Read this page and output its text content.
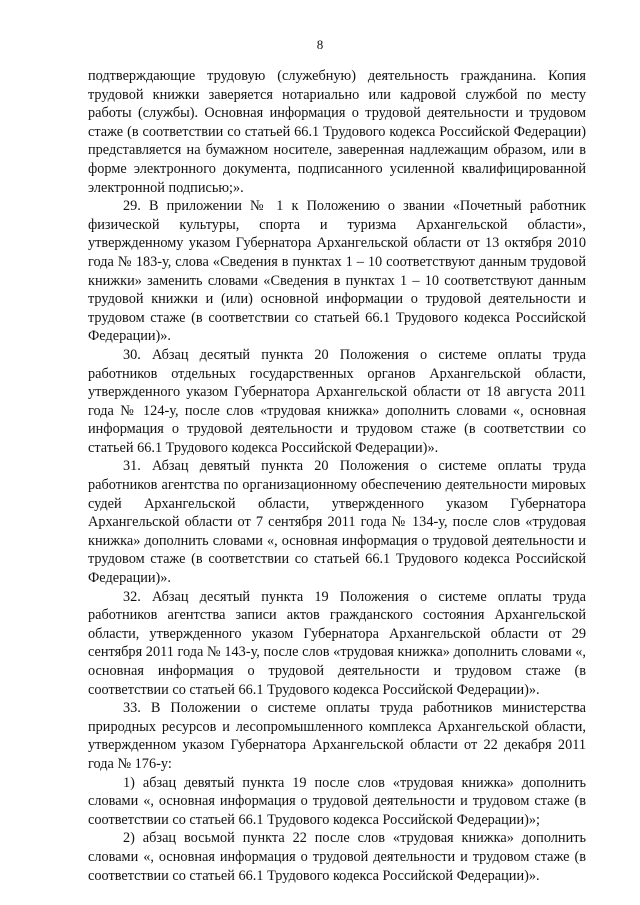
8

подтверждающие трудовую (служебную) деятельность гражданина. Копия трудовой книжки заверяется нотариально или кадровой службой по месту работы (службы). Основная информация о трудовой деятельности и трудовом стаже (в соответствии со статьей 66.1 Трудового кодекса Российской Федерации) представляется на бумажном носителе, заверенная надлежащим образом, или в форме электронного документа, подписанного усиленной квалифицированной электронной подписью;».

29. В приложении № 1 к Положению о звании «Почетный работник физической культуры, спорта и туризма Архангельской области», утвержденному указом Губернатора Архангельской области от 13 октября 2010 года № 183-у, слова «Сведения в пунктах 1 – 10 соответствуют данным трудовой книжки» заменить словами «Сведения в пунктах 1 – 10 соответствуют данным трудовой книжки и (или) основной информации о трудовой деятельности и трудовом стаже (в соответствии со статьей 66.1 Трудового кодекса Российской Федерации)».

30. Абзац десятый пункта 20 Положения о системе оплаты труда работников отдельных государственных органов Архангельской области, утвержденного указом Губернатора Архангельской области от 18 августа 2011 года № 124-у, после слов «трудовая книжка» дополнить словами «, основная информация о трудовой деятельности и трудовом стаже (в соответствии со статьей 66.1 Трудового кодекса Российской Федерации)».

31. Абзац девятый пункта 20 Положения о системе оплаты труда работников агентства по организационному обеспечению деятельности мировых судей Архангельской области, утвержденного указом Губернатора Архангельской области от 7 сентября 2011 года № 134-у, после слов «трудовая книжка» дополнить словами «, основная информация о трудовой деятельности и трудовом стаже (в соответствии со статьей 66.1 Трудового кодекса Российской Федерации)».

32. Абзац десятый пункта 19 Положения о системе оплаты труда работников агентства записи актов гражданского состояния Архангельской области, утвержденного указом Губернатора Архангельской области от 29 сентября 2011 года № 143-у, после слов «трудовая книжка» дополнить словами «, основная информация о трудовой деятельности и трудовом стаже (в соответствии со статьей 66.1 Трудового кодекса Российской Федерации)».

33. В Положении о системе оплаты труда работников министерства природных ресурсов и лесопромышленного комплекса Архангельской области, утвержденном указом Губернатора Архангельской области от 22 декабря 2011 года № 176-у:

1) абзац девятый пункта 19 после слов «трудовая книжка» дополнить словами «, основная информация о трудовой деятельности и трудовом стаже (в соответствии со статьей 66.1 Трудового кодекса Российской Федерации)»;

2) абзац восьмой пункта 22 после слов «трудовая книжка» дополнить словами «, основная информация о трудовой деятельности и трудовом стаже (в соответствии со статьей 66.1 Трудового кодекса Российской Федерации)».
